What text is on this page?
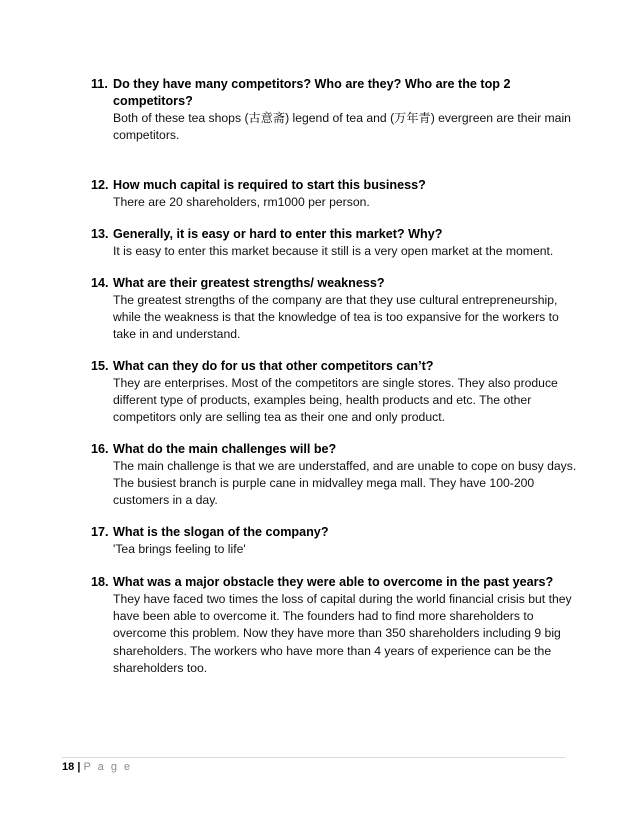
11. Do they have many competitors? Who are they? Who are the top 2 competitors?
Both of these tea shops (古意斋) legend of tea and (万年青) evergreen are their main competitors.
12. How much capital is required to start this business?
There are 20 shareholders, rm1000 per person.
13. Generally, it is easy or hard to enter this market? Why?
It is easy to enter this market because it still is a very open market at the moment.
14. What are their greatest strengths/ weakness?
The greatest strengths of the company are that they use cultural entrepreneurship, while the weakness is that the knowledge of tea is too expansive for the workers to take in and understand.
15. What can they do for us that other competitors can’t?
They are enterprises. Most of the competitors are single stores. They also produce different type of products, examples being, health products and etc. The other competitors only are selling tea as their one and only product.
16. What do the main challenges will be?
The main challenge is that we are understaffed, and are unable to cope on busy days. The busiest branch is purple cane in midvalley mega mall. They have 100-200 customers in a day.
17. What is the slogan of the company?
'Tea brings feeling to life'
18. What was a major obstacle they were able to overcome in the past years?
They have faced two times the loss of capital during the world financial crisis but they have been able to overcome it. The founders had to find more shareholders to overcome this problem. Now they have more than 350 shareholders including 9 big shareholders. The workers who have more than 4 years of experience can be the shareholders too.
18 | P a g e
